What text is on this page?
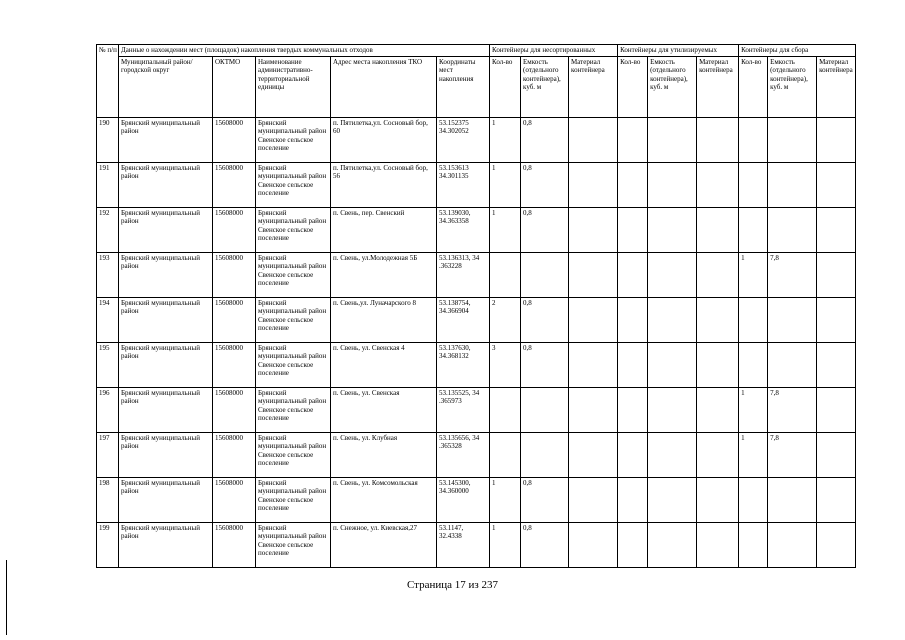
№ п/п	Данные о нахождении мест (площадок) накопления твердых коммунальных отходов					Контейнеры для несортированных			Контейнеры для утилизируемых			Контейнеры для сборa		
	Муниципальный район/городской округ	ОКТМО	Наименование административно-территориальной единицы	Адрес места накопления ТКО	Координаты мест накопления	Кол-во	Емкость (отдельного контейнера), куб. м	Материал контейнера	Кол-во	Емкость (отдельного контейнера), куб. м	Материал контейнера	Кол-во	Емкость (отдельного контейнера), куб. м	Материал контейнера
190	Брянский муниципальный район	15608000	Брянский муниципальный район Свенское сельское поселение	п. Пятилетка,ул. Сосновый бор, 60	53.152375 34.302052	1	0,8							
191	Брянский муниципальный район	15608000	Брянский муниципальный район Свенское сельское поселение	п. Пятилетка,ул. Сосновый бор, 56	53.153613 34.301135	1	0,8							
192	Брянский муниципальный район	15608000	Брянский муниципальный район Свенское сельское поселение	п. Свень, пер. Свенский	53.139030, 34.363358	1	0,8							
193	Брянский муниципальный район	15608000	Брянский муниципальный район Свенское сельское поселение	п. Свень, ул.Молодежная 5Б	53.136313, 34 .363228							1	7,8	
194	Брянский муниципальный район	15608000	Брянский муниципальный район Свенское сельское поселение	п. Свень,ул. Луначарского 8	53.138754, 34.366904	2	0,8							
195	Брянский муниципальный район	15608000	Брянский муниципальный район Свенское сельское поселение	п. Свень, ул. Свенская 4	53.137630, 34.368132	3	0,8							
196	Брянский муниципальный район	15608000	Брянский муниципальный район Свенское сельское поселение	п. Свень, ул. Свенская	53.135525, 34 .365973							1	7,8	
197	Брянский муниципальный район	15608000	Брянский муниципальный район Свенское сельское поселение	п. Свень, ул. Клубная	53.135656, 34 .365328							1	7,8	
198	Брянский муниципальный район	15608000	Брянский муниципальный район Свенское сельское поселение	п. Свень, ул. Комсомольская	53.145300, 34.360000	1	0,8							
199	Брянский муниципальный район	15608000	Брянский муниципальный район Свенское сельское поселение	п. Снежное, ул. Киевская,27	53.1147, 32.4338	1	0,8							
Страница 17 из 237
